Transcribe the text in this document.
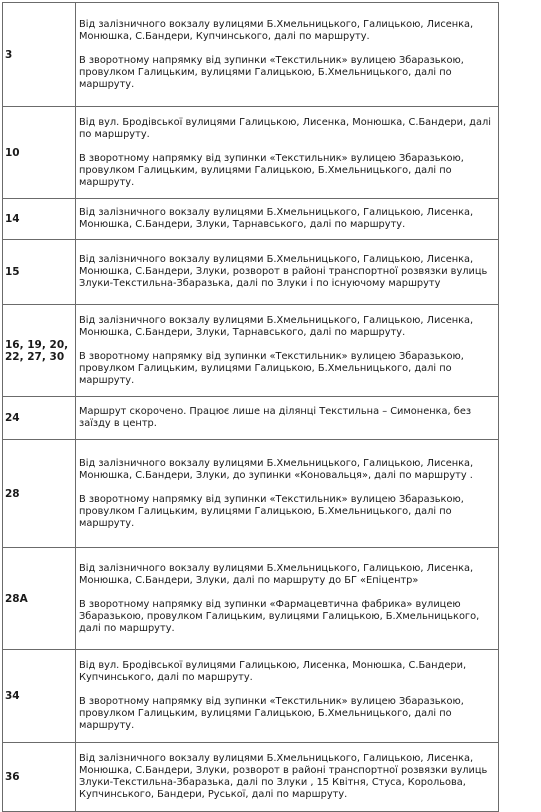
3	Від залізничного вокзалу вулицями Б.Хмельницького, Галицькою, Лисенка, Монюшка, С.Бандери, Купчинського, далі по маршруту.

В зворотному напрямку від зупинки «Текстильник» вулицею Збаразькою, провулком Галицьким, вулицями Галицькою, Б.Хмельницького, далі по маршруту.

10	Від вул. Бродівської вулицями Галицькою, Лисенка, Монюшка, С.Бандери, далі по маршруту.

В зворотному напрямку від зупинки «Текстильник» вулицею Збаразькою, провулком Галицьким, вулицями Галицькою, Б.Хмельницького, далі по маршруту.

14	Від залізничного вокзалу вулицями Б.Хмельницького, Галицькою, Лисенка, Монюшка, С.Бандери, Злуки, Тарнавського, далі по маршруту.

15	Від залізничного вокзалу вулицями Б.Хмельницького, Галицькою, Лисенка, Монюшка, С.Бандери, Злуки, розворот в районі транспортної розвязки вулиць Злуки-Текстильна-Збаразька, далі по Злуки і по існуючому маршруту

16, 19, 20, 22, 27, 30	Від залізничного вокзалу вулицями Б.Хмельницького, Галицькою, Лисенка, Монюшка, С.Бандери, Злуки, Тарнавського, далі по маршруту.

В зворотному напрямку від зупинки «Текстильник» вулицею Збаразькою, провулком Галицьким, вулицями Галицькою, Б.Хмельницького, далі по маршруту.

24	Маршрут скорочено. Працює лише на ділянці Текстильна – Симоненка, без заїзду в центр.

28	Від залізничного вокзалу вулицями Б.Хмельницького, Галицькою, Лисенка, Монюшка, С.Бандери, Злуки, до зупинки «Коновальця», далі по маршруту .

В зворотному напрямку від зупинки «Текстильник» вулицею Збаразькою, провулком Галицьким, вулицями Галицькою, Б.Хмельницького, далі по маршруту.

28А	Від залізничного вокзалу вулицями Б.Хмельницького, Галицькою, Лисенка, Монюшка, С.Бандери, Злуки, далі по маршруту до БГ «Епіцентр»

В зворотному напрямку від зупинки «Фармацевтична фабрика» вулицею Збаразькою, провулком Галицьким, вулицями Галицькою, Б.Хмельницького, далі по маршруту.

34	Від вул. Бродівської вулицями Галицькою, Лисенка, Монюшка, С.Бандери, Купчинського, далі по маршруту.

В зворотному напрямку від зупинки «Текстильник» вулицею Збаразькою, провулком Галицьким, вулицями Галицькою, Б.Хмельницького, далі по маршруту.

36	Від залізничного вокзалу вулицями Б.Хмельницького, Галицькою, Лисенка, Монюшка, С.Бандери, Злуки, розворот в районі транспортної розвязки вулиць Злуки-Текстильна-Збаразька, далі по Злуки , 15 Квітня, Стуса, Корольова, Купчинського, Бандери, Руської, далі по маршруту.
